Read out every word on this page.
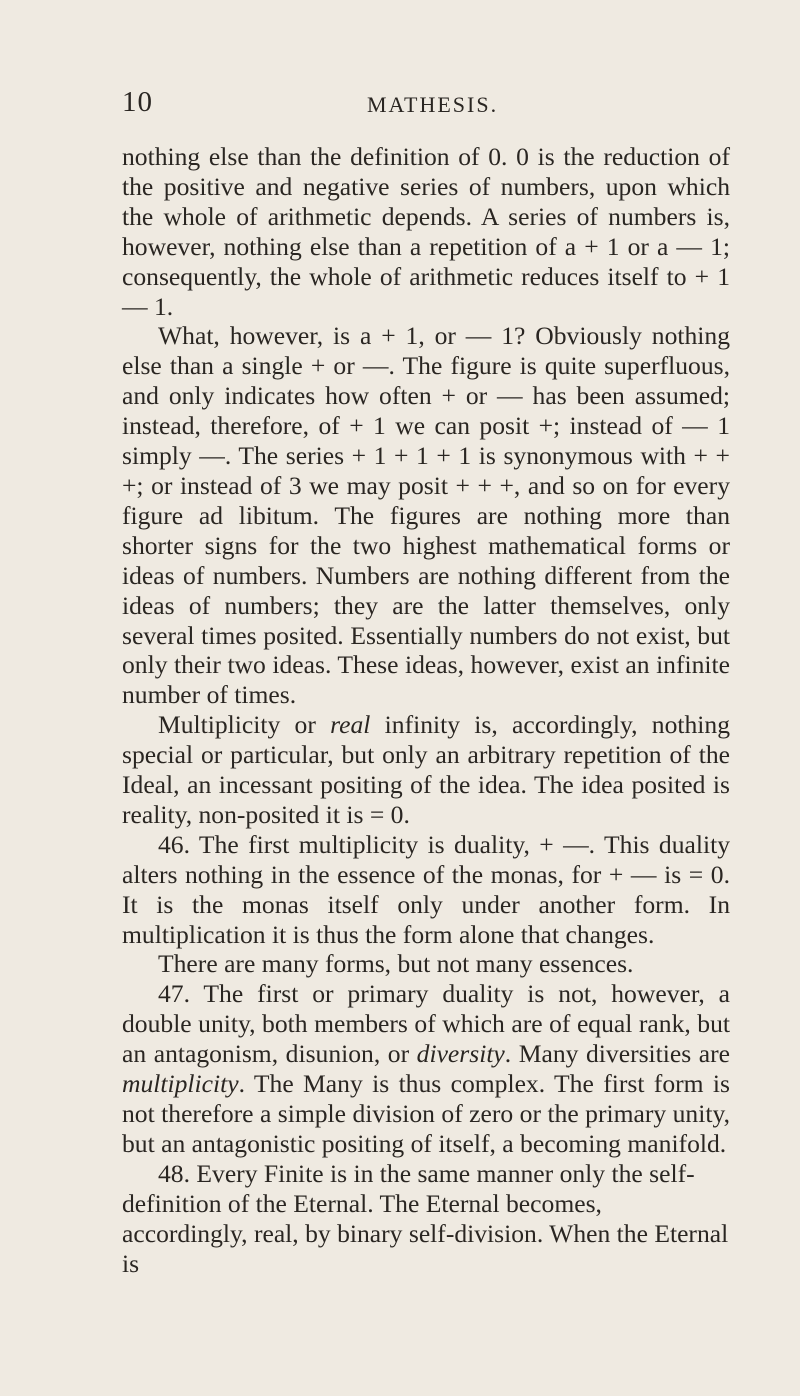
10	MATHESIS.

nothing else than the definition of 0. 0 is the reduction of the positive and negative series of numbers, upon which the whole of arithmetic depends. A series of numbers is, however, nothing else than a repetition of a + 1 or a — 1; consequently, the whole of arithmetic reduces itself to + 1 — 1.

What, however, is a + 1, or — 1? Obviously nothing else than a single + or —. The figure is quite superfluous, and only indicates how often + or — has been assumed; instead, therefore, of + 1 we can posit +; instead of — 1 simply —. The series + 1 + 1 + 1 is synonymous with + + +; or instead of 3 we may posit + + +, and so on for every figure ad libitum. The figures are nothing more than shorter signs for the two highest mathematical forms or ideas of numbers. Numbers are nothing different from the ideas of numbers; they are the latter themselves, only several times posited. Essentially numbers do not exist, but only their two ideas. These ideas, however, exist an infinite number of times.

Multiplicity or real infinity is, accordingly, nothing special or particular, but only an arbitrary repetition of the Ideal, an incessant positing of the idea. The idea posited is reality, non-posited it is = 0.

46. The first multiplicity is duality, + —. This duality alters nothing in the essence of the monas, for + — is = 0. It is the monas itself only under another form. In multiplication it is thus the form alone that changes.

There are many forms, but not many essences.

47. The first or primary duality is not, however, a double unity, both members of which are of equal rank, but an antagonism, disunion, or diversity. Many diversities are multiplicity. The Many is thus complex. The first form is not therefore a simple division of zero or the primary unity, but an antagonistic positing of itself, a becoming manifold.

48. Every Finite is in the same manner only the self-definition of the Eternal. The Eternal becomes, accordingly, real, by binary self-division. When the Eternal is
